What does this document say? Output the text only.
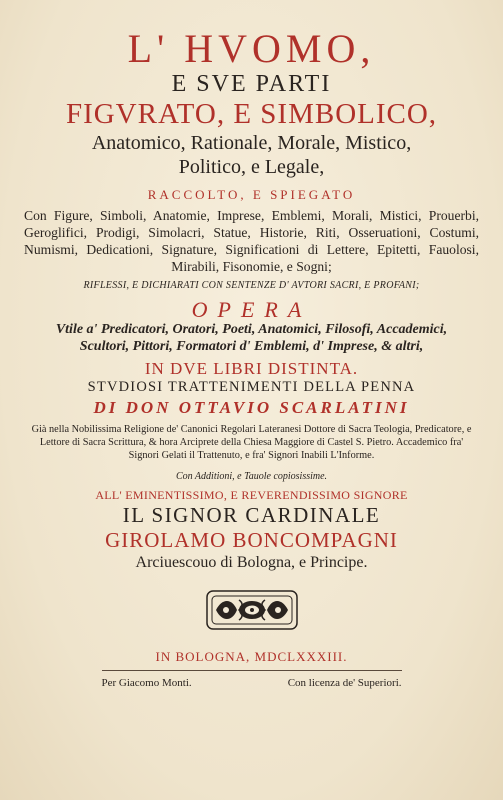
L' HVOMO,
E SVE PARTI
FIGVRATO, E SIMBOLICO,
Anatomico, Rationale, Morale, Mistico,
Politico, e Legale,
RACCOLTO, E SPIEGATO
Con Figure, Simboli, Anatomie, Imprese, Emblemi, Morali, Mistici, Prouerbi, Geroglifici, Prodigi, Simolacri, Statue, Historie, Riti, Osseruationi, Costumi, Numismi, Dedicationi, Signature, Significationi di Lettere, Epitetti, Fauolosi, Mirabili, Fisonomie, e Sogni;
RIFLESSI, E DICHIARATI CON SENTENZE D' AVTORI SACRI, E PROFANI;
OPERA
Vtile a' Predicatori, Oratori, Poeti, Anatomici, Filosofi, Accademici,
Scultori, Pittori, Formatori d' Emblemi, d' Imprese, & altri,
IN DVE LIBRI DISTINTA.
STVDIOSI TRATTENIMENTI DELLA PENNA
DI DON OTTAVIO SCARLATINI
Già nella Nobilissima Religione de' Canonici Regolari Lateranesi Dottore di Sacra Teologia, Predicatore, e Lettore di Sacra Scrittura, & hora Arciprete della Chiesa Maggiore di Castel S. Pietro. Accademico fra' Signori Gelati il Trattenuto, e fra' Signori Inabili L'Informe.
Con Additioni, e Tauole copiosissime.
ALL' EMINENTISSIMO, E REVERENDISSIMO SIGNORE
IL SIGNOR CARDINALE
GIROLAMO BONCOMPAGNI
Arciuescouo di Bologna, e Principe.
IN BOLOGNA, MDCLXXXIII.
Per Giacomo Monti.	Con licenza de' Superiori.
